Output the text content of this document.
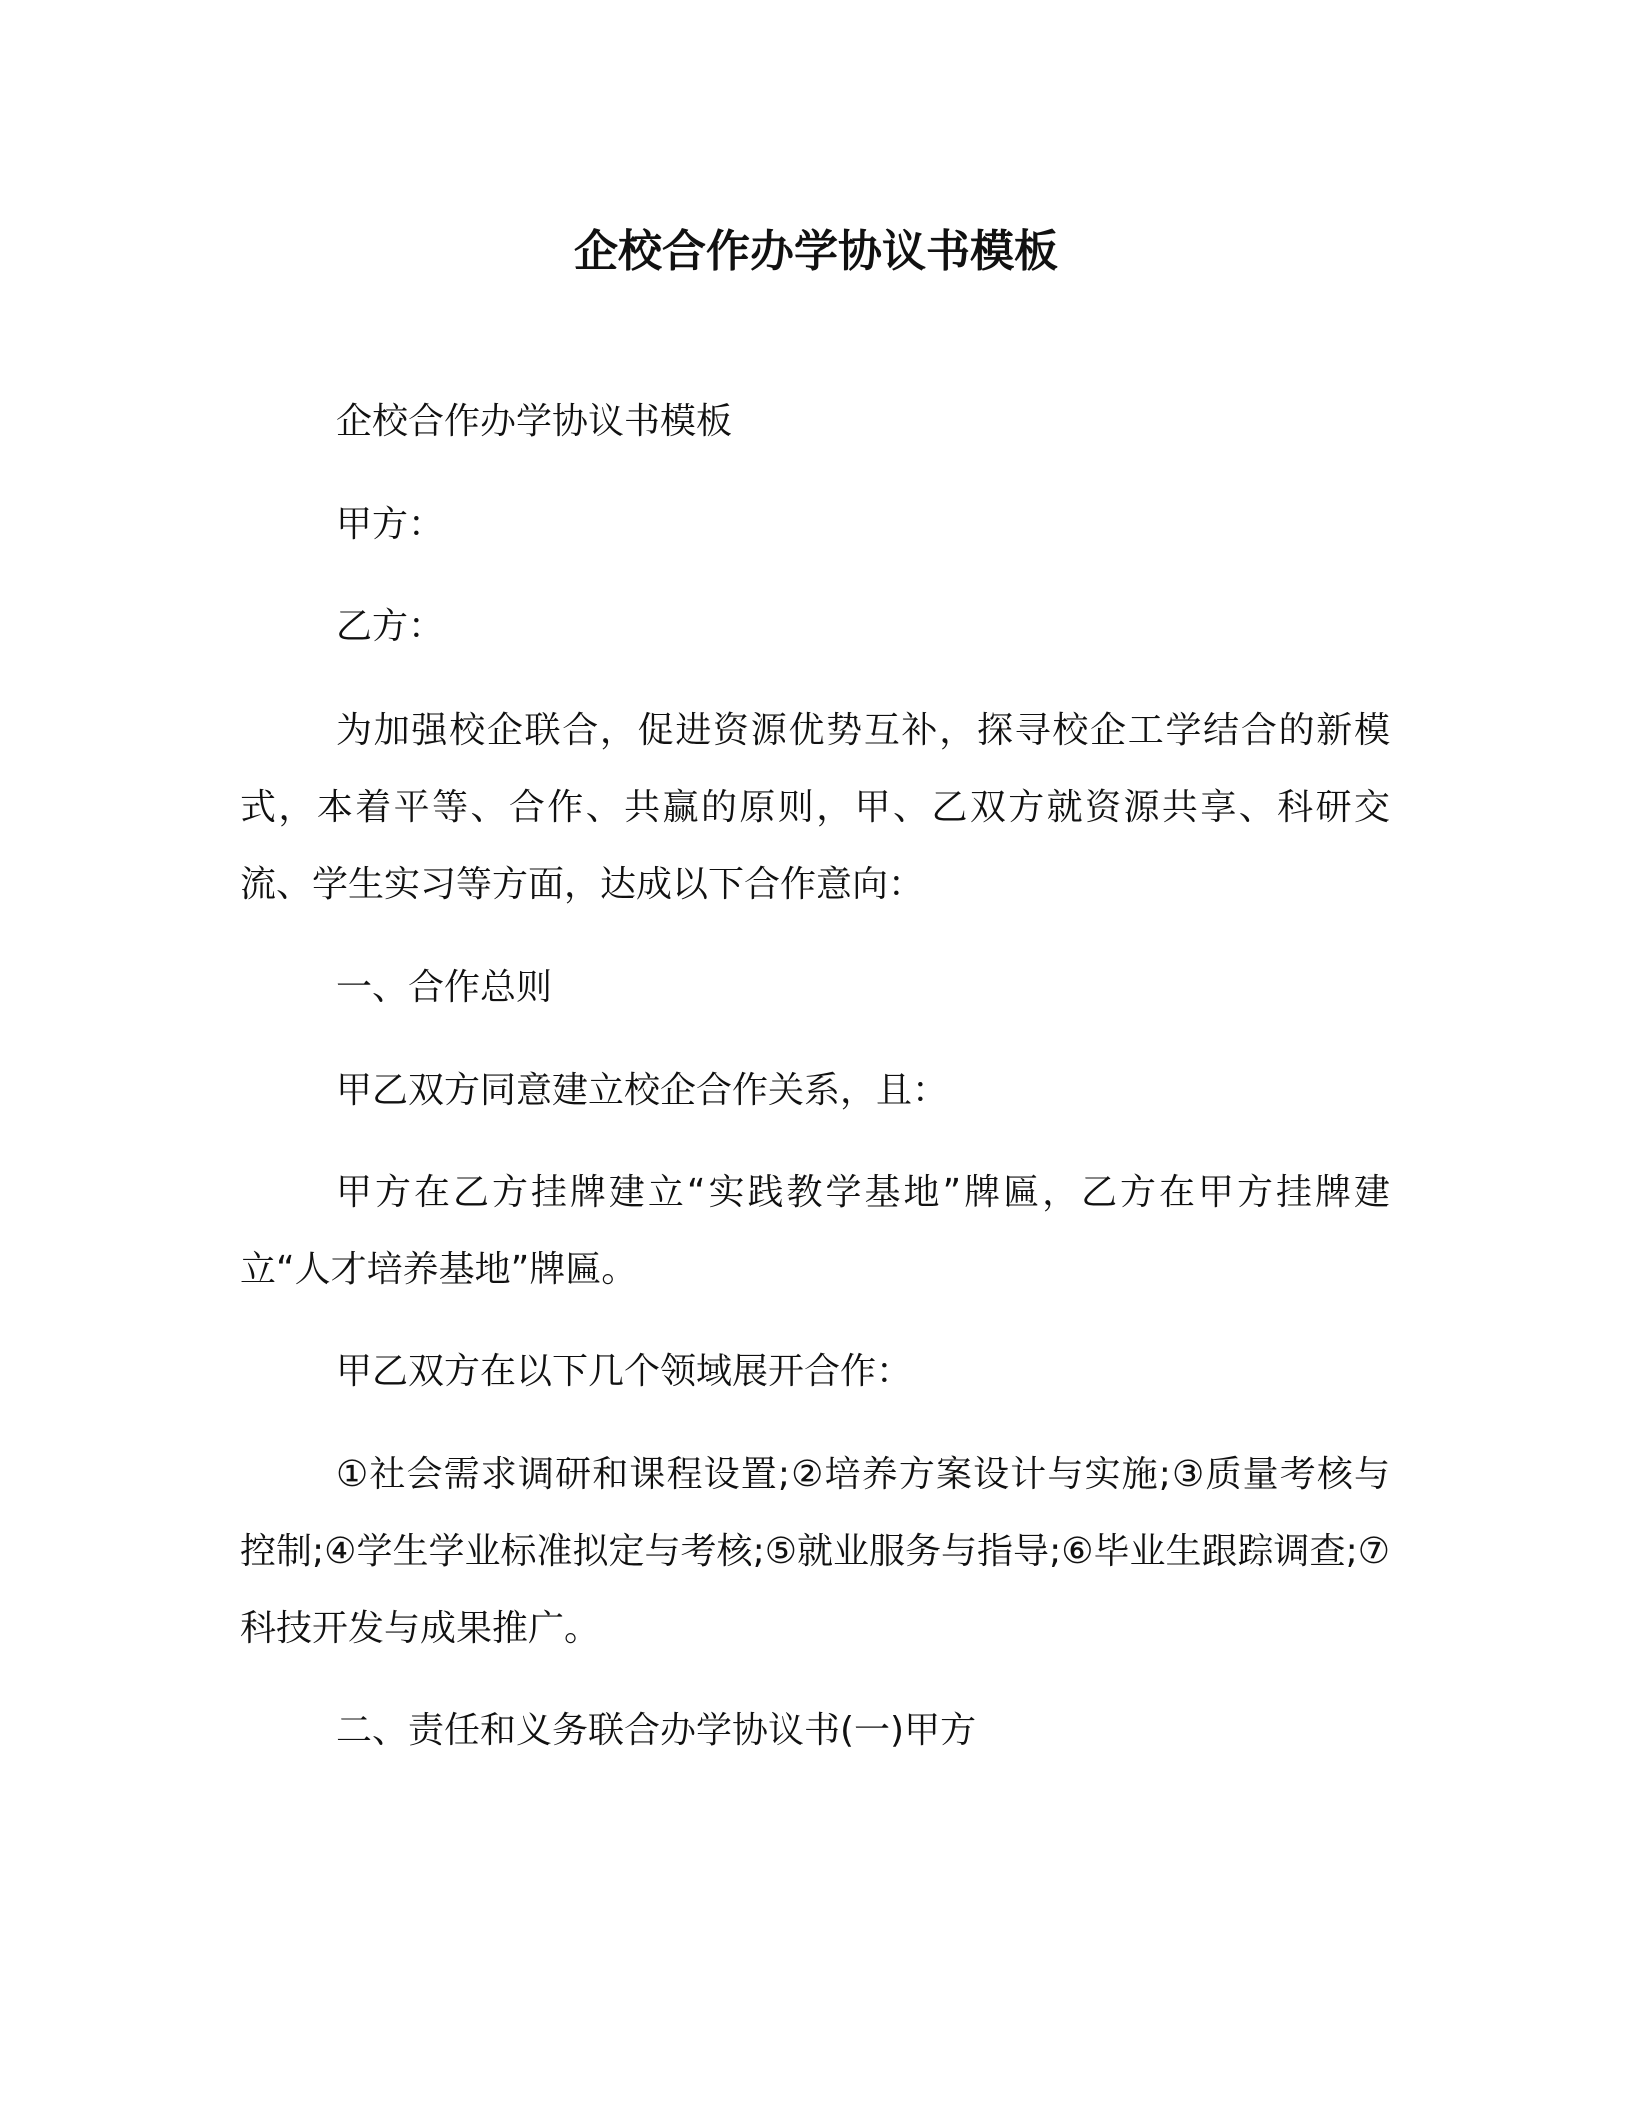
企校合作办学协议书模板

企校合作办学协议书模板

甲方：

乙方：

为加强校企联合，促进资源优势互补，探寻校企工学结合的新模式，本着平等、合作、共赢的原则，甲、乙双方就资源共享、科研交流、学生实习等方面，达成以下合作意向：

一、合作总则

甲乙双方同意建立校企合作关系，且：

甲方在乙方挂牌建立“实践教学基地”牌匾，乙方在甲方挂牌建立“人才培养基地”牌匾。

甲乙双方在以下几个领域展开合作：

①社会需求调研和课程设置;②培养方案设计与实施;③质量考核与控制;④学生学业标准拟定与考核;⑤就业服务与指导;⑥毕业生跟踪调查;⑦科技开发与成果推广。

二、责任和义务联合办学协议书(一)甲方
